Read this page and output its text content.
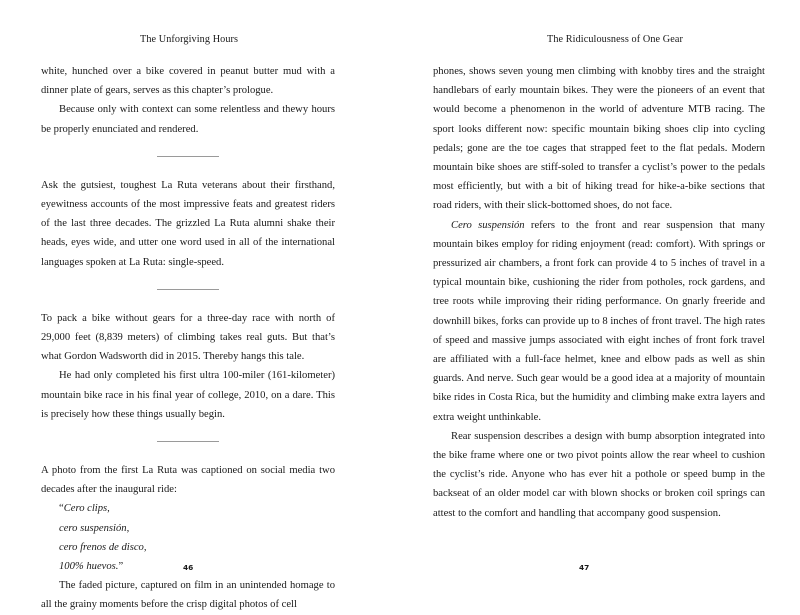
The Unforgiving Hours

white, hunched over a bike covered in peanut butter mud with a dinner plate of gears, serves as this chapter’s prologue.

Because only with context can some relentless and thewy hours be properly enunciated and rendered.

Ask the gutsiest, toughest La Ruta veterans about their firsthand, eyewitness accounts of the most impressive feats and greatest riders of the last three decades. The grizzled La Ruta alumni shake their heads, eyes wide, and utter one word used in all of the international languages spoken at La Ruta: single-speed.

To pack a bike without gears for a three-day race with north of 29,000 feet (8,839 meters) of climbing takes real guts. But that’s what Gordon Wadsworth did in 2015. Thereby hangs this tale.

He had only completed his first ultra 100-miler (161-kilometer) mountain bike race in his final year of college, 2010, on a dare. This is precisely how these things usually begin.

A photo from the first La Ruta was captioned on social media two decades after the inaugural ride:

“Cero clips,
cero suspensión,
cero frenos de disco,
100% huevos.”

The faded picture, captured on film in an unintended homage to all the grainy moments before the crisp digital photos of cell

46
The Ridiculousness of One Gear

phones, shows seven young men climbing with knobby tires and the straight handlebars of early mountain bikes. They were the pioneers of an event that would become a phenomenon in the world of adventure MTB racing. The sport looks different now: specific mountain biking shoes clip into cycling pedals; gone are the toe cages that strapped feet to the flat pedals. Modern mountain bike shoes are stiff-soled to transfer a cyclist’s power to the pedals most efficiently, but with a bit of hiking tread for hike-a-bike sections that road riders, with their slick-bottomed shoes, do not face.

Cero suspensión refers to the front and rear suspension that many mountain bikes employ for riding enjoyment (read: comfort). With springs or pressurized air chambers, a front fork can provide 4 to 5 inches of travel in a typical mountain bike, cushioning the rider from potholes, rock gardens, and tree roots while improving their riding performance. On gnarly freeride and downhill bikes, forks can provide up to 8 inches of front travel. The high rates of speed and massive jumps associated with eight inches of front fork travel are affiliated with a full-face helmet, knee and elbow pads as well as shin guards. And nerve. Such gear would be a good idea at a majority of mountain bike rides in Costa Rica, but the humidity and climbing make extra layers and extra weight unthinkable.

Rear suspension describes a design with bump absorption integrated into the bike frame where one or two pivot points allow the rear wheel to cushion the cyclist’s ride. Anyone who has ever hit a pothole or speed bump in the backseat of an older model car with blown shocks or broken coil springs can attest to the comfort and handling that accompany good suspension.

47
